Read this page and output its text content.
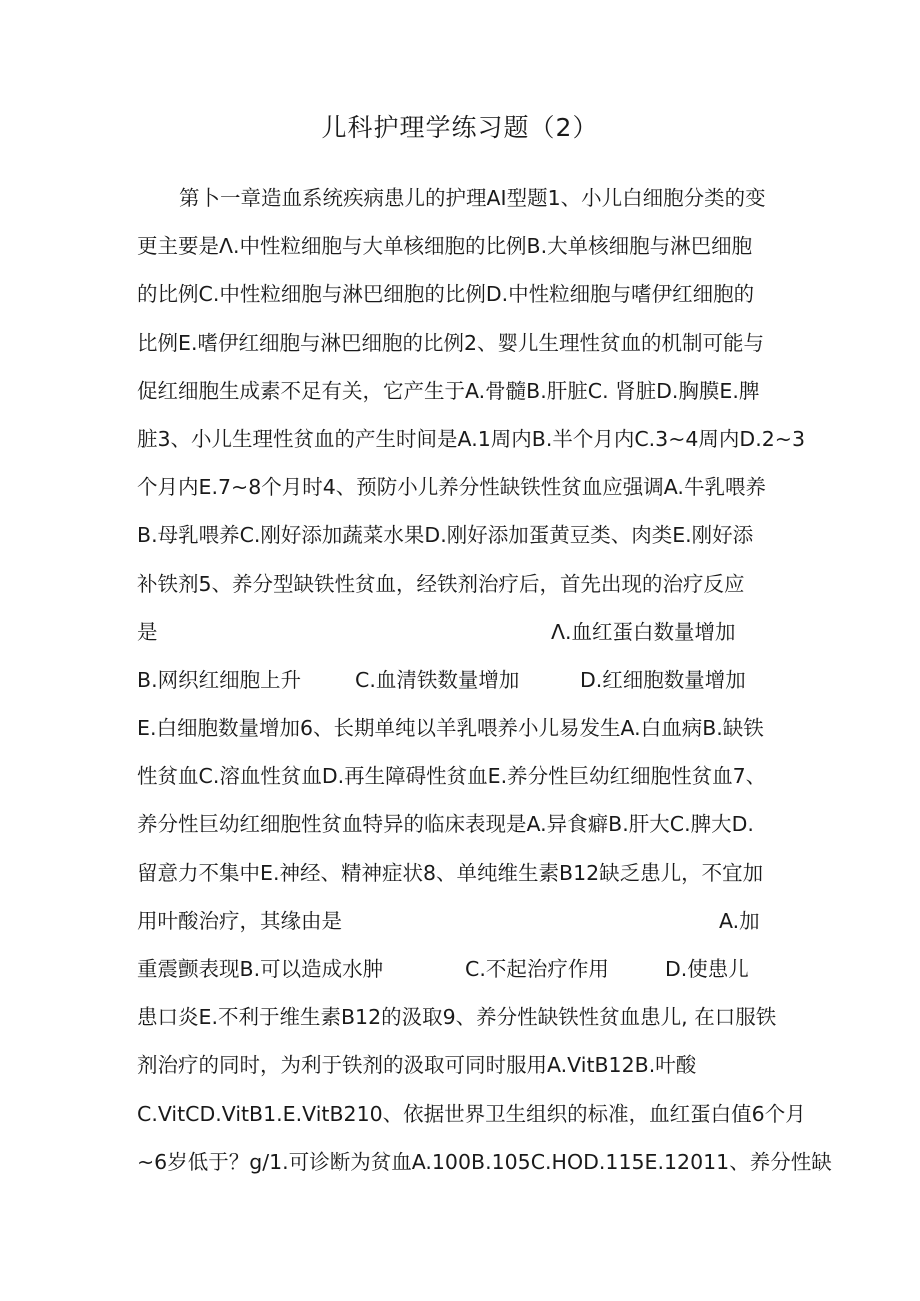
儿科护理学练习题（2）
第卜一章造血系统疾病患儿的护理AI型题1、小儿白细胞分类的变
更主要是Λ.中性粒细胞与大单核细胞的比例B.大单核细胞与淋巴细胞
的比例C.中性粒细胞与淋巴细胞的比例D.中性粒细胞与嗜伊红细胞的
比例E.嗜伊红细胞与淋巴细胞的比例2、婴儿生理性贫血的机制可能与
促红细胞生成素不足有关，它产生于A.骨髓B.肝脏C. 肾脏D.胸膜E.脾
脏3、小儿生理性贫血的产生时间是A.1周内B.半个月内C.3~4周内D.2~3
个月内E.7~8个月时4、预防小儿养分性缺铁性贫血应强调A.牛乳喂养
B.母乳喂养C.刚好添加蔬菜水果D.刚好添加蛋黄豆类、肉类E.刚好添
补铁剂5、养分型缺铁性贫血，经铁剂治疗后，首先出现的治疗反应
是	Λ.血红蛋白数量增加
B.网织红细胞上升	C.血清铁数量增加	D.红细胞数量增加
E.白细胞数量增加6、长期单纯以羊乳喂养小儿易发生A.白血病B.缺铁
性贫血C.溶血性贫血D.再生障碍性贫血E.养分性巨幼红细胞性贫血7、
养分性巨幼红细胞性贫血特异的临床表现是A.异食癖B.肝大C.脾大D.
留意力不集中E.神经、精神症状8、单纯维生素B12缺乏患儿，不宜加
用叶酸治疗，其缘由是	A.加
重震颤表现B.可以造成水肿	C.不起治疗作用	D.使患儿
患口炎E.不利于维生素B12的汲取9、养分性缺铁性贫血患儿, 在口服铁
剂治疗的同时，为利于铁剂的汲取可同时服用A.VitB12B.叶酸
C.VitCD.VitB1.E.VitB210、依据世界卫生组织的标准，血红蛋白值6个月
~6岁低于？g/1.可诊断为贫血A.100B.105C.HOD.115E.12011、养分性缺
